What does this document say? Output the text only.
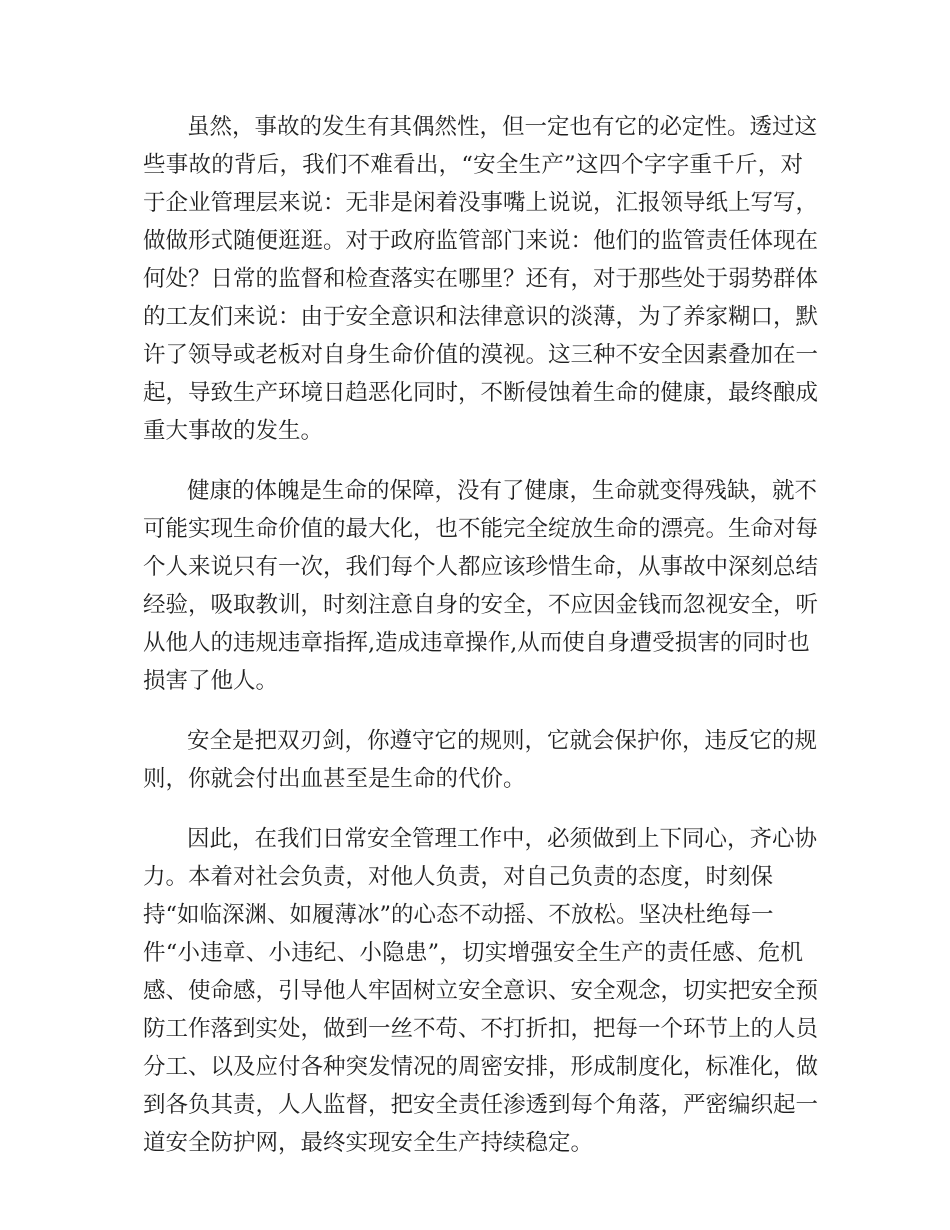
虽然，事故的发生有其偶然性，但一定也有它的必定性。透过这
些事故的背后，我们不难看出，“安全生产”这四个字字重千斤，对
于企业管理层来说：无非是闲着没事嘴上说说，汇报领导纸上写写，
做做形式随便逛逛。对于政府监管部门来说：他们的监管责任体现在
何处？日常的监督和检查落实在哪里？还有，对于那些处于弱势群体
的工友们来说：由于安全意识和法律意识的淡薄，为了养家糊口，默
许了领导或老板对自身生命价值的漠视。这三种不安全因素叠加在一
起，导致生产环境日趋恶化同时，不断侵蚀着生命的健康，最终酿成
重大事故的发生。
健康的体魄是生命的保障，没有了健康，生命就变得残缺，就不
可能实现生命价值的最大化，也不能完全绽放生命的漂亮。生命对每
个人来说只有一次，我们每个人都应该珍惜生命，从事故中深刻总结
经验，吸取教训，时刻注意自身的安全，不应因金钱而忽视安全，听
从他人的违规违章指挥,造成违章操作,从而使自身遭受损害的同时也
损害了他人。
安全是把双刃剑，你遵守它的规则，它就会保护你，违反它的规
则，你就会付出血甚至是生命的代价。
因此，在我们日常安全管理工作中，必须做到上下同心，齐心协
力。本着对社会负责，对他人负责，对自己负责的态度，时刻保
持“如临深渊、如履薄冰”的心态不动摇、不放松。坚决杜绝每一
件“小违章、小违纪、小隐患”，切实增强安全生产的责任感、危机
感、使命感，引导他人牢固树立安全意识、安全观念，切实把安全预
防工作落到实处，做到一丝不苟、不打折扣，把每一个环节上的人员
分工、以及应付各种突发情况的周密安排，形成制度化，标准化，做
到各负其责，人人监督，把安全责任渗透到每个角落，严密编织起一
道安全防护网，最终实现安全生产持续稳定。
